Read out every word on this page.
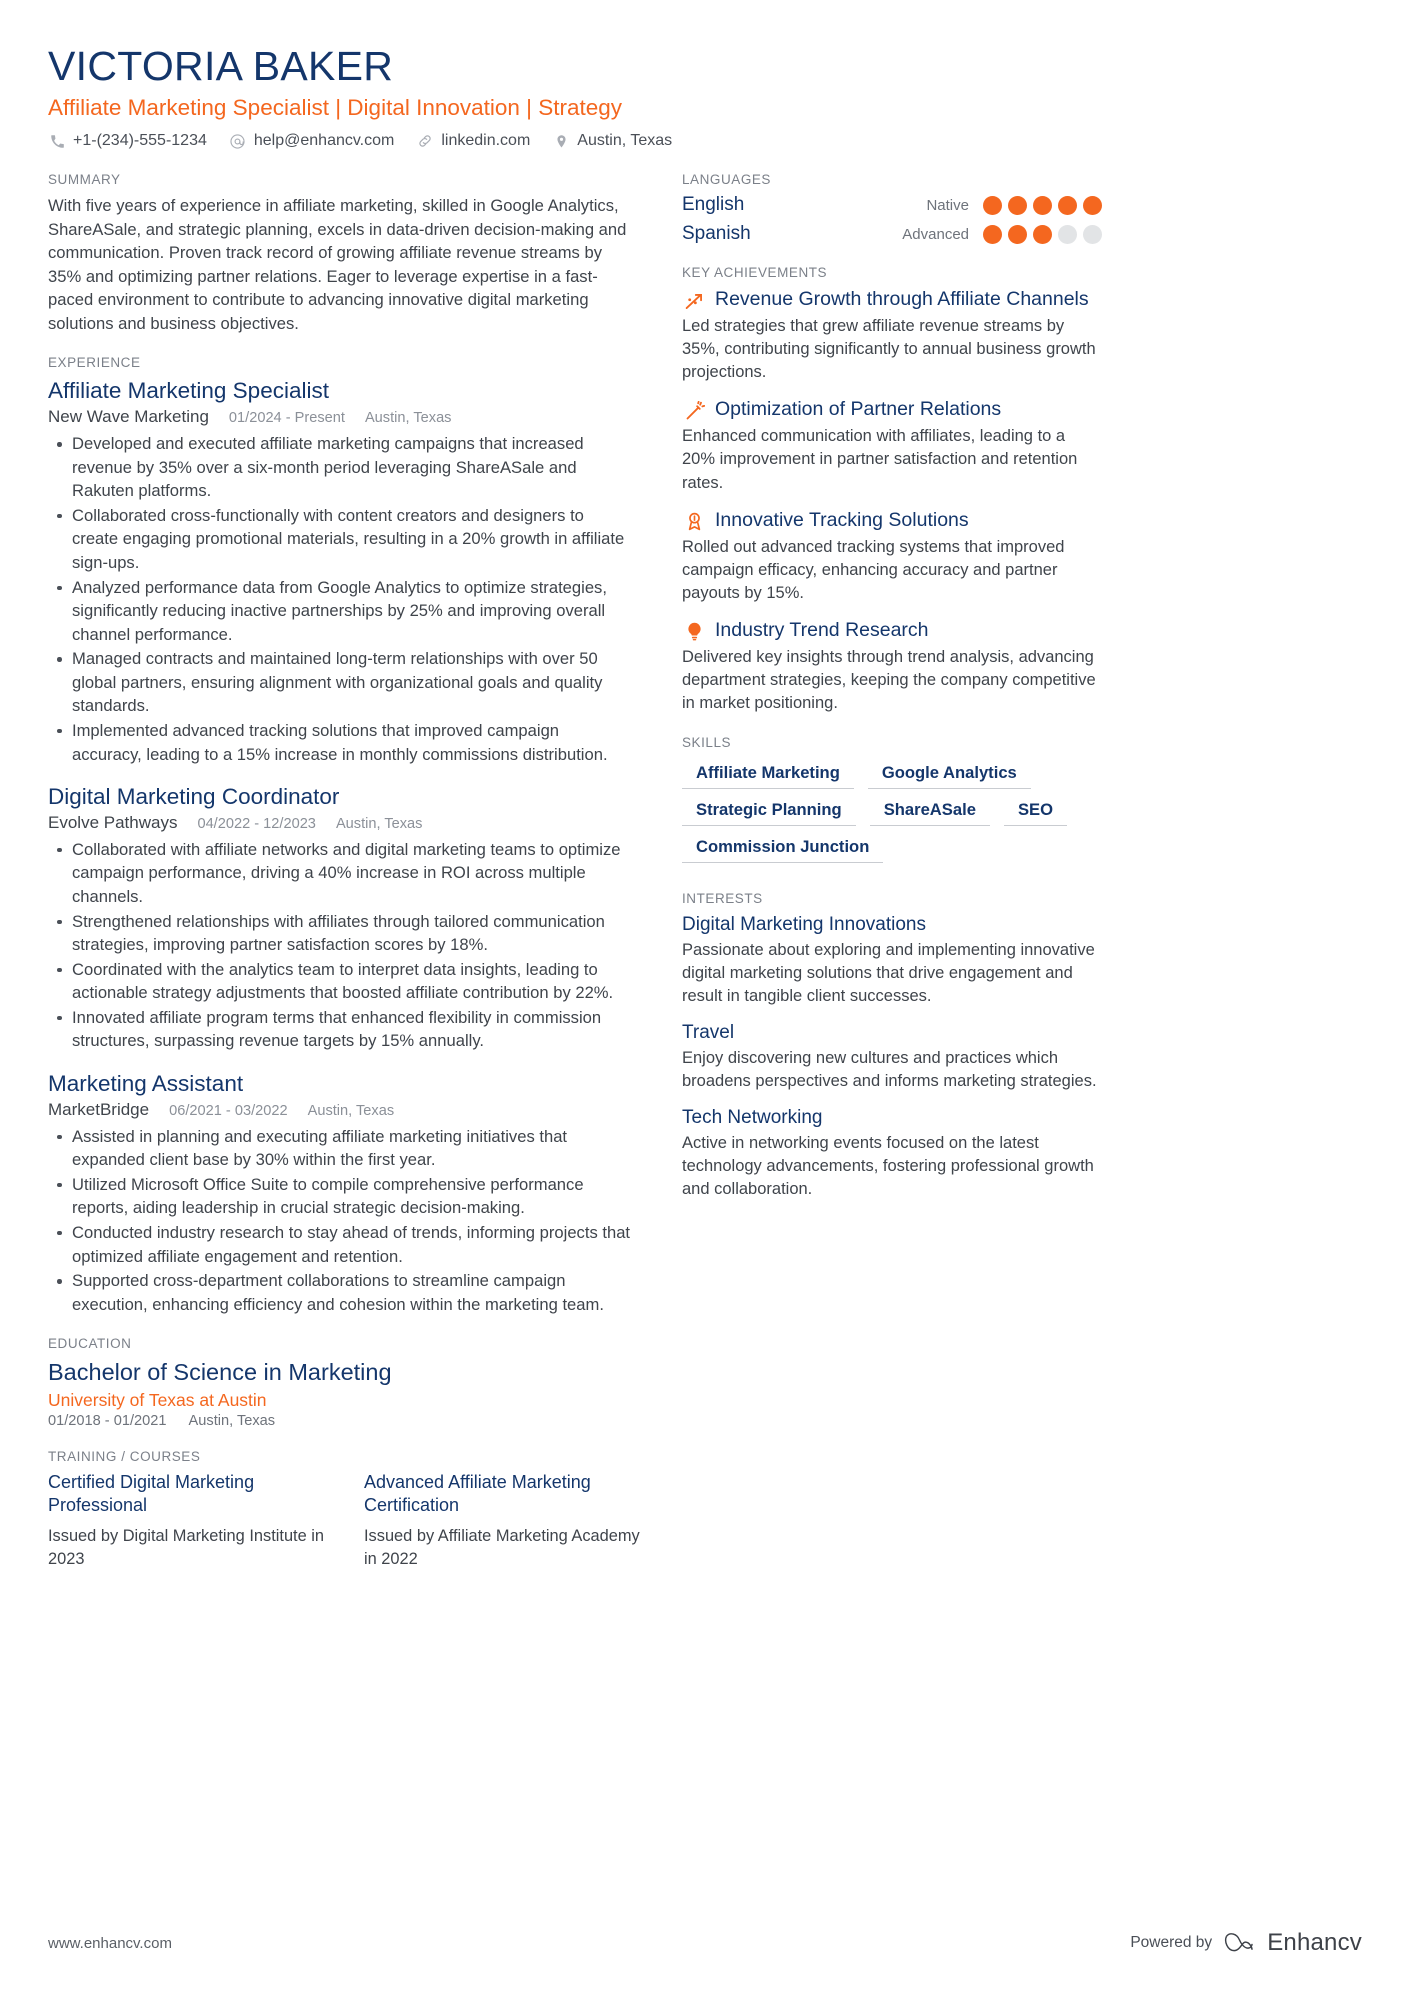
VICTORIA BAKER
Affiliate Marketing Specialist | Digital Innovation | Strategy
+1-(234)-555-1234	help@enhancv.com	linkedin.com	Austin, Texas
SUMMARY
With five years of experience in affiliate marketing, skilled in Google Analytics, ShareASale, and strategic planning, excels in data-driven decision-making and communication. Proven track record of growing affiliate revenue streams by 35% and optimizing partner relations. Eager to leverage expertise in a fast-paced environment to contribute to advancing innovative digital marketing solutions and business objectives.
EXPERIENCE
Affiliate Marketing Specialist
New Wave Marketing 01/2024 - Present Austin, Texas
Developed and executed affiliate marketing campaigns that increased revenue by 35% over a six-month period leveraging ShareASale and Rakuten platforms.
Collaborated cross-functionally with content creators and designers to create engaging promotional materials, resulting in a 20% growth in affiliate sign-ups.
Analyzed performance data from Google Analytics to optimize strategies, significantly reducing inactive partnerships by 25% and improving overall channel performance.
Managed contracts and maintained long-term relationships with over 50 global partners, ensuring alignment with organizational goals and quality standards.
Implemented advanced tracking solutions that improved campaign accuracy, leading to a 15% increase in monthly commissions distribution.
Digital Marketing Coordinator
Evolve Pathways 04/2022 - 12/2023 Austin, Texas
Collaborated with affiliate networks and digital marketing teams to optimize campaign performance, driving a 40% increase in ROI across multiple channels.
Strengthened relationships with affiliates through tailored communication strategies, improving partner satisfaction scores by 18%.
Coordinated with the analytics team to interpret data insights, leading to actionable strategy adjustments that boosted affiliate contribution by 22%.
Innovated affiliate program terms that enhanced flexibility in commission structures, surpassing revenue targets by 15% annually.
Marketing Assistant
MarketBridge 06/2021 - 03/2022 Austin, Texas
Assisted in planning and executing affiliate marketing initiatives that expanded client base by 30% within the first year.
Utilized Microsoft Office Suite to compile comprehensive performance reports, aiding leadership in crucial strategic decision-making.
Conducted industry research to stay ahead of trends, informing projects that optimized affiliate engagement and retention.
Supported cross-department collaborations to streamline campaign execution, enhancing efficiency and cohesion within the marketing team.
EDUCATION
Bachelor of Science in Marketing
University of Texas at Austin
01/2018 - 01/2021 Austin, Texas
TRAINING / COURSES
Certified Digital Marketing Professional
Issued by Digital Marketing Institute in 2023
Advanced Affiliate Marketing Certification
Issued by Affiliate Marketing Academy in 2022
LANGUAGES
English	Native
Spanish	Advanced
KEY ACHIEVEMENTS
Revenue Growth through Affiliate Channels
Led strategies that grew affiliate revenue streams by 35%, contributing significantly to annual business growth projections.
Optimization of Partner Relations
Enhanced communication with affiliates, leading to a 20% improvement in partner satisfaction and retention rates.
Innovative Tracking Solutions
Rolled out advanced tracking systems that improved campaign efficacy, enhancing accuracy and partner payouts by 15%.
Industry Trend Research
Delivered key insights through trend analysis, advancing department strategies, keeping the company competitive in market positioning.
SKILLS
Affiliate Marketing	Google Analytics
Strategic Planning	ShareASale	SEO
Commission Junction
INTERESTS
Digital Marketing Innovations
Passionate about exploring and implementing innovative digital marketing solutions that drive engagement and result in tangible client successes.
Travel
Enjoy discovering new cultures and practices which broadens perspectives and informs marketing strategies.
Tech Networking
Active in networking events focused on the latest technology advancements, fostering professional growth and collaboration.
www.enhancv.com	Powered by Enhancv
